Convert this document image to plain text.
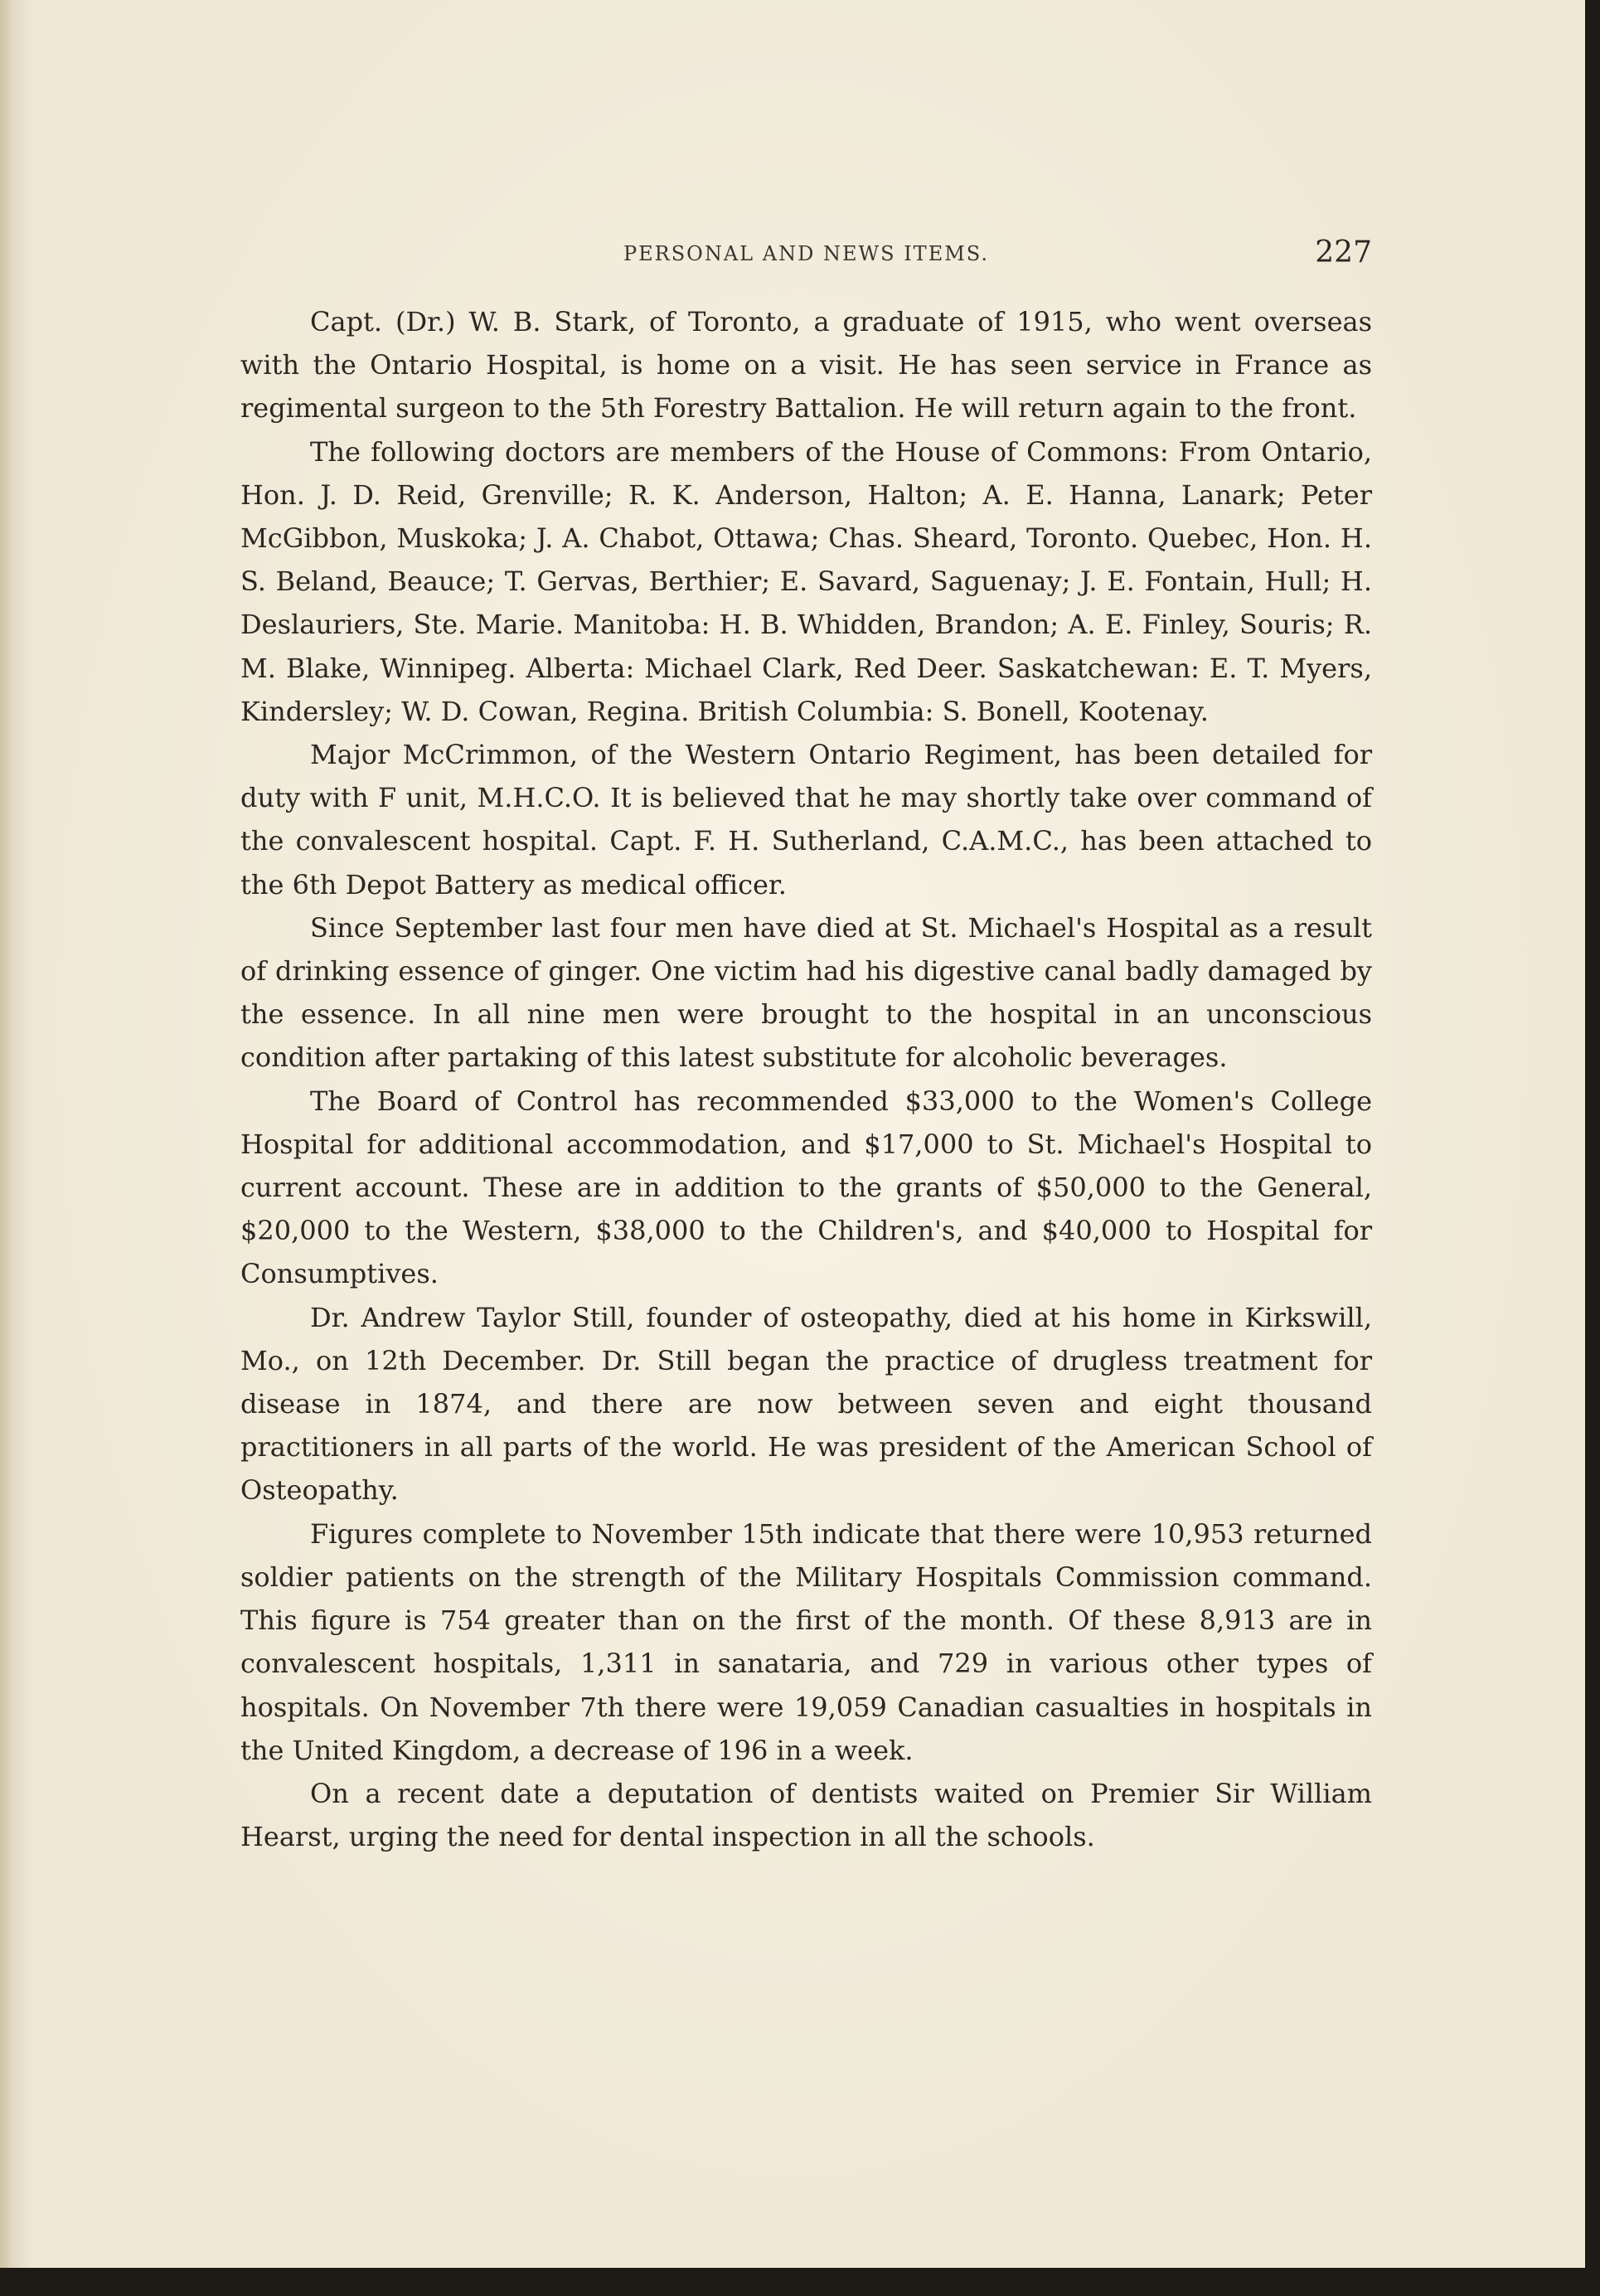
PERSONAL AND NEWS ITEMS.	227

Capt. (Dr.) W. B. Stark, of Toronto, a graduate of 1915, who went overseas with the Ontario Hospital, is home on a visit. He has seen service in France as regimental surgeon to the 5th Forestry Battalion. He will return again to the front.

The following doctors are members of the House of Commons: From Ontario, Hon. J. D. Reid, Grenville; R. K. Anderson, Halton; A. E. Hanna, Lanark; Peter McGibbon, Muskoka; J. A. Chabot, Ottawa; Chas. Sheard, Toronto. Quebec, Hon. H. S. Beland, Beauce; T. Gervas, Berthier; E. Savard, Saguenay; J. E. Fontain, Hull; H. Deslauriers, Ste. Marie. Manitoba: H. B. Whidden, Brandon; A. E. Finley, Souris; R. M. Blake, Winnipeg. Alberta: Michael Clark, Red Deer. Saskatchewan: E. T. Myers, Kindersley; W. D. Cowan, Regina. British Columbia: S. Bonell, Kootenay.

Major McCrimmon, of the Western Ontario Regiment, has been detailed for duty with F unit, M.H.C.O. It is believed that he may shortly take over command of the convalescent hospital. Capt. F. H. Sutherland, C.A.M.C., has been attached to the 6th Depot Battery as medical officer.

Since September last four men have died at St. Michael's Hospital as a result of drinking essence of ginger. One victim had his digestive canal badly damaged by the essence. In all nine men were brought to the hospital in an unconscious condition after partaking of this latest substitute for alcoholic beverages.

The Board of Control has recommended $33,000 to the Women's College Hospital for additional accommodation, and $17,000 to St. Michael's Hospital to current account. These are in addition to the grants of $50,000 to the General, $20,000 to the Western, $38,000 to the Children's, and $40,000 to Hospital for Consumptives.

Dr. Andrew Taylor Still, founder of osteopathy, died at his home in Kirkswill, Mo., on 12th December. Dr. Still began the practice of drugless treatment for disease in 1874, and there are now between seven and eight thousand practitioners in all parts of the world. He was president of the American School of Osteopathy.

Figures complete to November 15th indicate that there were 10,953 returned soldier patients on the strength of the Military Hospitals Commission command. This figure is 754 greater than on the first of the month. Of these 8,913 are in convalescent hospitals, 1,311 in sanataria, and 729 in various other types of hospitals. On November 7th there were 19,059 Canadian casualties in hospitals in the United Kingdom, a decrease of 196 in a week.

On a recent date a deputation of dentists waited on Premier Sir William Hearst, urging the need for dental inspection in all the schools.
